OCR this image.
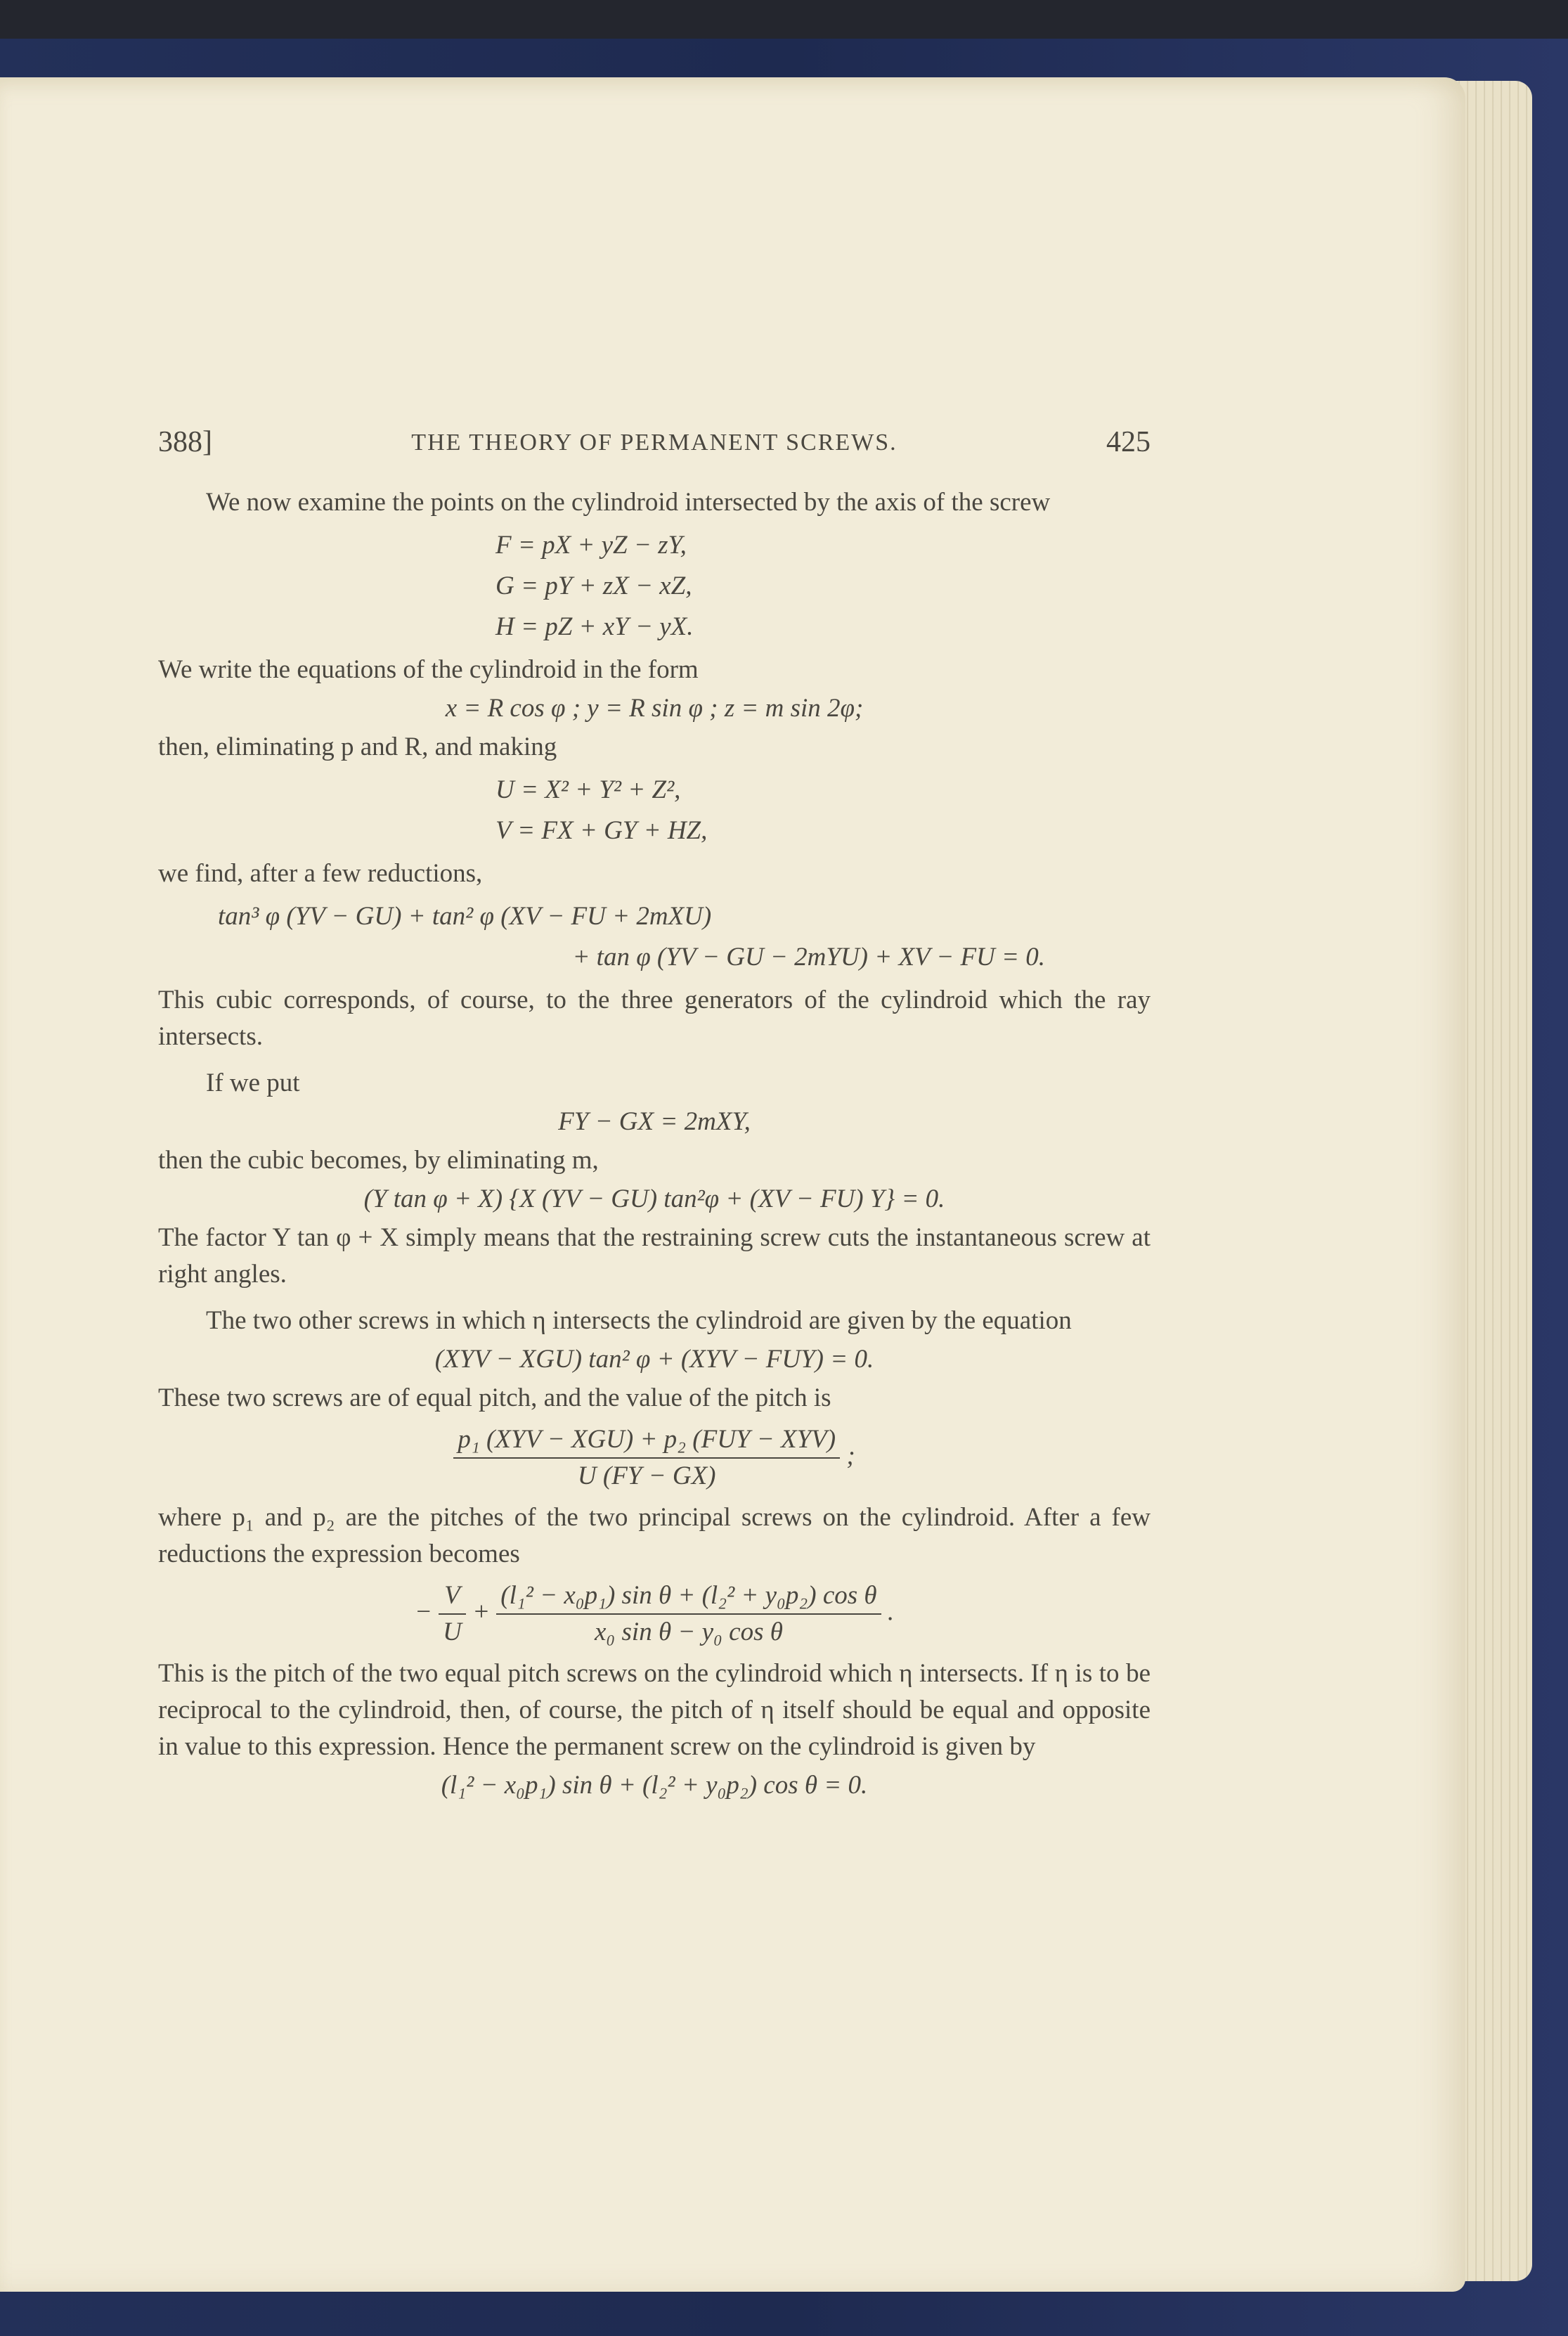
388]	THE THEORY OF PERMANENT SCREWS.	425

We now examine the points on the cylindroid intersected by the axis of the screw

F = pX + yZ − zY,
G = pY + zX − xZ,
H = pZ + xY − yX.

We write the equations of the cylindroid in the form

x = R cos φ ; y = R sin φ ; z = m sin 2φ;

then, eliminating p and R, and making

U = X² + Y² + Z²,
V = FX + GY + HZ,

we find, after a few reductions,

tan³ φ (YV − GU) + tan² φ (XV − FU + 2mXU)
+ tan φ (YV − GU − 2mYU) + XV − FU = 0.

This cubic corresponds, of course, to the three generators of the cylindroid which the ray intersects.

If we put

FY − GX = 2mXY,

then the cubic becomes, by eliminating m,

(Y tan φ + X) {X (YV − GU) tan²φ + (XV − FU) Y} = 0.

The factor Y tan φ + X simply means that the restraining screw cuts the instantaneous screw at right angles.

The two other screws in which η intersects the cylindroid are given by the equation

(XYV − XGU) tan² φ + (XYV − FUY) = 0.

These two screws are of equal pitch, and the value of the pitch is

$\frac{\text{p₁ (XYV − XGU) + p₂ (FUY − XYV)}}{U (FY - GX)}$ ;

where p₁ and p₂ are the pitches of the two principal screws on the cylindroid. After a few reductions the expression becomes

− $\frac{V}{U} + \frac{\text{(l₁² − x₀p₁) sin θ + (l₂² + y₀p₂) cos θ}}{\text{x₀ sin θ − y₀ cos θ}}$ .

This is the pitch of the two equal pitch screws on the cylindroid which η intersects. If η is to be reciprocal to the cylindroid, then, of course, the pitch of η itself should be equal and opposite in value to this expression. Hence the permanent screw on the cylindroid is given by

(l₁² − x₀p₁) sin θ + (l₂² + y₀p₂) cos θ = 0.
